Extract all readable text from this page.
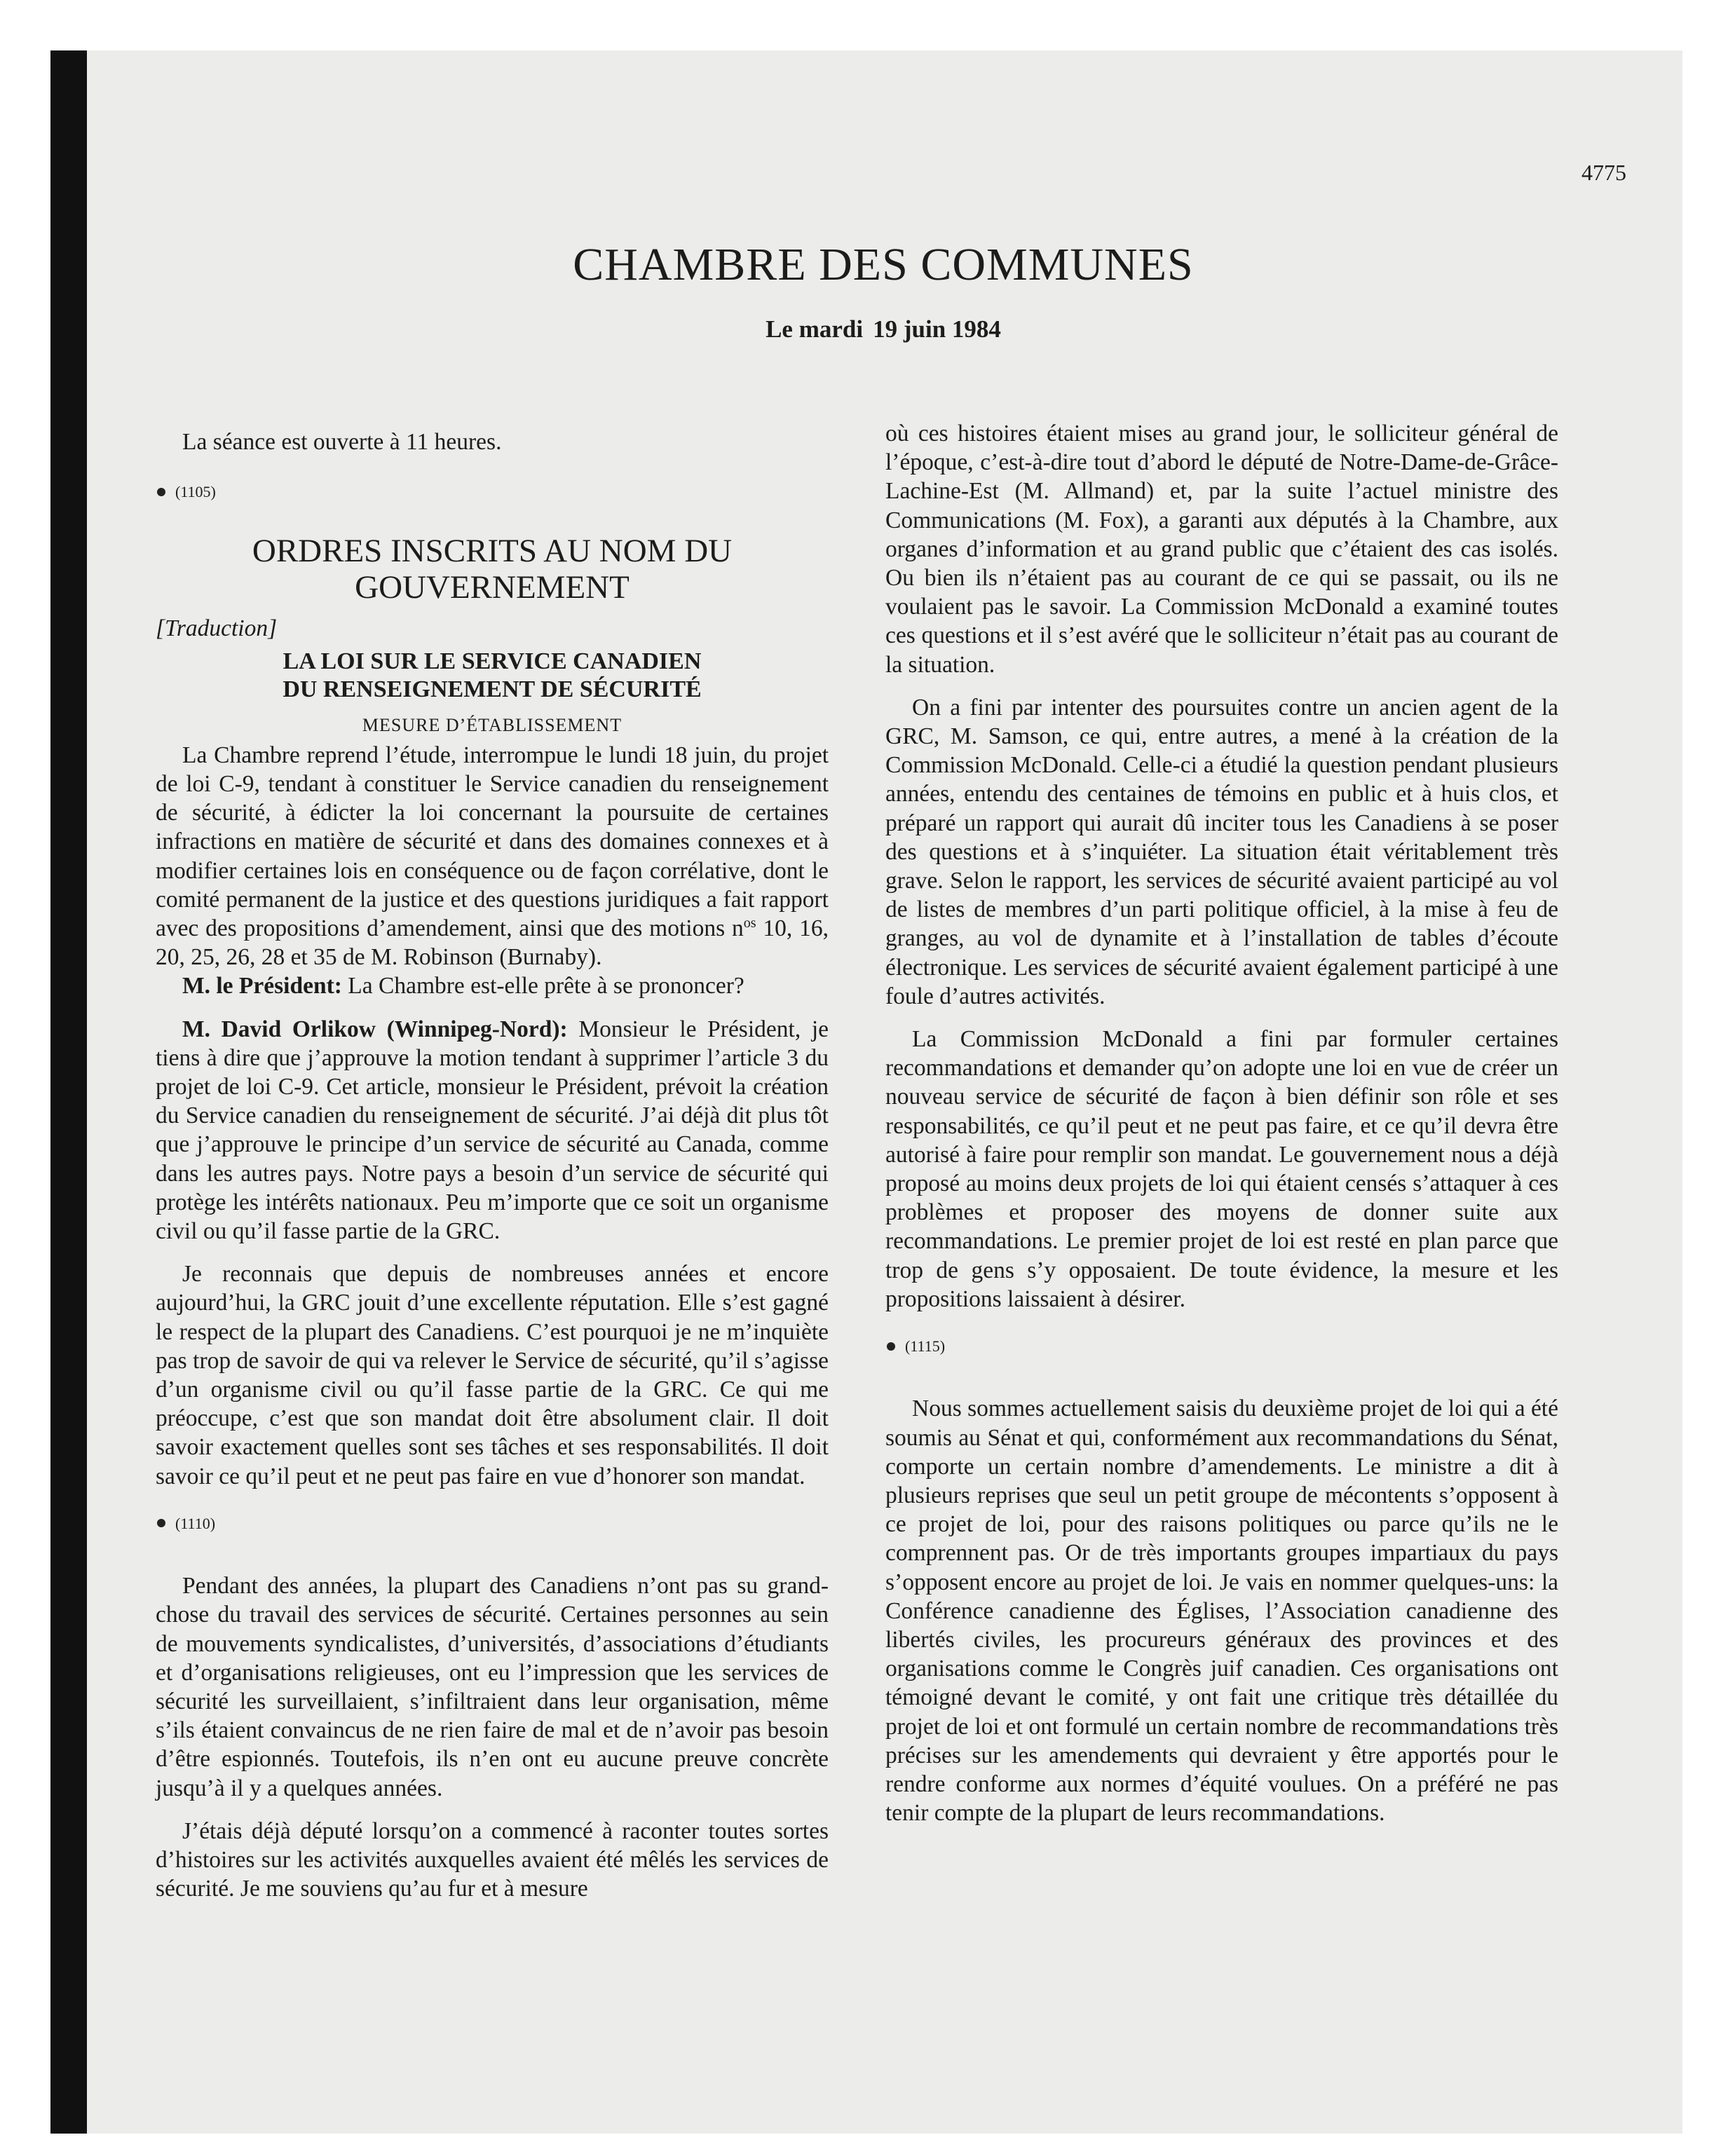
4775
CHAMBRE DES COMMUNES
Le mardi 19 juin 1984

La séance est ouverte à 11 heures.

(1105)
ORDRES INSCRITS AU NOM DU GOUVERNEMENT
[Traduction]
LA LOI SUR LE SERVICE CANADIEN DU RENSEIGNEMENT DE SÉCURITÉ
MESURE D’ÉTABLISSEMENT

La Chambre reprend l’étude, interrompue le lundi 18 juin, du projet de loi C-9, tendant à constituer le Service canadien du renseignement de sécurité, à édicter la loi concernant la poursuite de certaines infractions en matière de sécurité et dans des domaines connexes et à modifier certaines lois en conséquence ou de façon corrélative, dont le comité permanent de la justice et des questions juridiques a fait rapport avec des propositions d’amendement, ainsi que des motions $n^{os}$ 10, 16, 20, 25, 26, 28 et 35 de M. Robinson (Burnaby).

M. le Président: La Chambre est-elle prête à se prononcer?

M. David Orlikow (Winnipeg-Nord): Monsieur le Président, je tiens à dire que j’approuve la motion tendant à supprimer l’article 3 du projet de loi C-9. Cet article, monsieur le Président, prévoit la création du Service canadien du renseignement de sécurité. J’ai déjà dit plus tôt que j’approuve le principe d’un service de sécurité au Canada, comme dans les autres pays. Notre pays a besoin d’un service de sécurité qui protège les intérêts nationaux. Peu m’importe que ce soit un organisme civil ou qu’il fasse partie de la GRC.

Je reconnais que depuis de nombreuses années et encore aujourd’hui, la GRC jouit d’une excellente réputation. Elle s’est gagné le respect de la plupart des Canadiens. C’est pourquoi je ne m’inquiète pas trop de savoir de qui va relever le Service de sécurité, qu’il s’agisse d’un organisme civil ou qu’il fasse partie de la GRC. Ce qui me préoccupe, c’est que son mandat doit être absolument clair. Il doit savoir exactement quelles sont ses tâches et ses responsabilités. Il doit savoir ce qu’il peut et ne peut pas faire en vue d’honorer son mandat.

(1110)

Pendant des années, la plupart des Canadiens n’ont pas su grand-chose du travail des services de sécurité. Certaines personnes au sein de mouvements syndicalistes, d’universités, d’associations d’étudiants et d’organisations religieuses, ont eu l’impression que les services de sécurité les surveillaient, s’infiltraient dans leur organisation, même s’ils étaient convaincus de ne rien faire de mal et de n’avoir pas besoin d’être espionnés. Toutefois, ils n’en ont eu aucune preuve concrète jusqu’à il y a quelques années.

J’étais déjà député lorsqu’on a commencé à raconter toutes sortes d’histoires sur les activités auxquelles avaient été mêlés les services de sécurité. Je me souviens qu’au fur et à mesure

où ces histoires étaient mises au grand jour, le solliciteur général de l’époque, c’est-à-dire tout d’abord le député de Notre-Dame-de-Grâce-Lachine-Est (M. Allmand) et, par la suite l’actuel ministre des Communications (M. Fox), a garanti aux députés à la Chambre, aux organes d’information et au grand public que c’étaient des cas isolés. Ou bien ils n’étaient pas au courant de ce qui se passait, ou ils ne voulaient pas le savoir. La Commission McDonald a examiné toutes ces questions et il s’est avéré que le solliciteur n’était pas au courant de la situation.

On a fini par intenter des poursuites contre un ancien agent de la GRC, M. Samson, ce qui, entre autres, a mené à la création de la Commission McDonald. Celle-ci a étudié la question pendant plusieurs années, entendu des centaines de témoins en public et à huis clos, et préparé un rapport qui aurait dû inciter tous les Canadiens à se poser des questions et à s’inquiéter. La situation était véritablement très grave. Selon le rapport, les services de sécurité avaient participé au vol de listes de membres d’un parti politique officiel, à la mise à feu de granges, au vol de dynamite et à l’installation de tables d’écoute électronique. Les services de sécurité avaient également participé à une foule d’autres activités.

La Commission McDonald a fini par formuler certaines recommandations et demander qu’on adopte une loi en vue de créer un nouveau service de sécurité de façon à bien définir son rôle et ses responsabilités, ce qu’il peut et ne peut pas faire, et ce qu’il devra être autorisé à faire pour remplir son mandat. Le gouvernement nous a déjà proposé au moins deux projets de loi qui étaient censés s’attaquer à ces problèmes et proposer des moyens de donner suite aux recommandations. Le premier projet de loi est resté en plan parce que trop de gens s’y opposaient. De toute évidence, la mesure et les propositions laissaient à désirer.

(1115)

Nous sommes actuellement saisis du deuxième projet de loi qui a été soumis au Sénat et qui, conformément aux recommandations du Sénat, comporte un certain nombre d’amendements. Le ministre a dit à plusieurs reprises que seul un petit groupe de mécontents s’opposent à ce projet de loi, pour des raisons politiques ou parce qu’ils ne le comprennent pas. Or de très importants groupes impartiaux du pays s’opposent encore au projet de loi. Je vais en nommer quelques-uns: la Conférence canadienne des Églises, l’Association canadienne des libertés civiles, les procureurs généraux des provinces et des organisations comme le Congrès juif canadien. Ces organisations ont témoigné devant le comité, y ont fait une critique très détaillée du projet de loi et ont formulé un certain nombre de recommandations très précises sur les amendements qui devraient y être apportés pour le rendre conforme aux normes d’équité voulues. On a préféré ne pas tenir compte de la plupart de leurs recommandations.
